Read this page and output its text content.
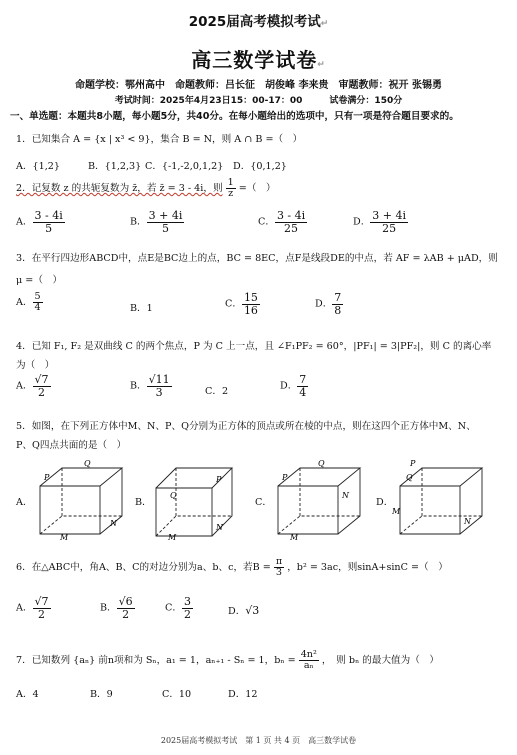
2025届高考模拟考试↵
高三数学试卷↵
命题学校：鄂州高中　命题教师：吕长征　胡俊峰 李来贵　审题教师：祝开 张锡勇
考试时间：2025年4月23日15：00-17：00　　　试卷满分：150分
一、单选题：本题共8小题，每小题5分，共40分。在每小题给出的选项中，只有一项是符合题目要求的。
1．已知集合 A = {x | x³ < 9}，集合 B = N，则 A ∩ B =（　）
A．{1,2}	B．{1,2,3} C．{-1,-2,0,1,2} D．{0,1,2}
2．记复数 z 的共轭复数为 z̄，若 z̄ = 3 - 4i，则 $\frac{1}{z}$ =（　）
A． $\frac{3 - 4i}{5}$	B． $\frac{3 + 4i}{5}$	C． $\frac{3 - 4i}{25}$	D． $\frac{3 + 4i}{25}$
3．在平行四边形ABCD中，点E是BC边上的点，BC = 8EC，点F是线段DE的中点，若 AF = λAB + μAD，则
μ =（　）
A． $\frac{5}{4}$	B．1	C． $\frac{15}{16}$	D． $\frac{7}{8}$
4．已知 F₁, F₂ 是双曲线 C 的两个焦点，P 为 C 上一点，且 ∠F₁PF₂ = 60°，|PF₁| = 3|PF₂|，则 C 的离心率
为（　）
A． $\frac{√7}{2}$	B． $\frac{√11}{3}$	C．2	D． $\frac{7}{4}$
5．如图，在下列正方体中M、N、P、Q分别为正方体的顶点或所在棱的中点，则在这四个正方体中M、N、
P、Q四点共面的是（　）
A．
P
Q
M
N
B．
Q
P
M
N
C．
P
Q
M
N
D．
Q
P
M
N
6．在△ABC中，角A、B、C的对边分别为a、b、c，若$B = \frac{\pi}{3}$ ，b² = 3ac，则sinA+sinC =（　）
A． $\frac{√7}{2}$	B． $\frac{√6}{2}$	C． $\frac{3}{2}$	D．√3
7．已知数列 {aₙ} 前n项和为 Sₙ，a₁ = 1，aₙ₊₁ - Sₙ = 1，$b_n = \frac{\text{4n²}}{\text{aₙ}}$ ，　则 bₙ 的最大值为（　）
A．4	B．9	C．10	D．12
2025届高考模拟考试　第 1 页 共 4 页　高三数学试卷
